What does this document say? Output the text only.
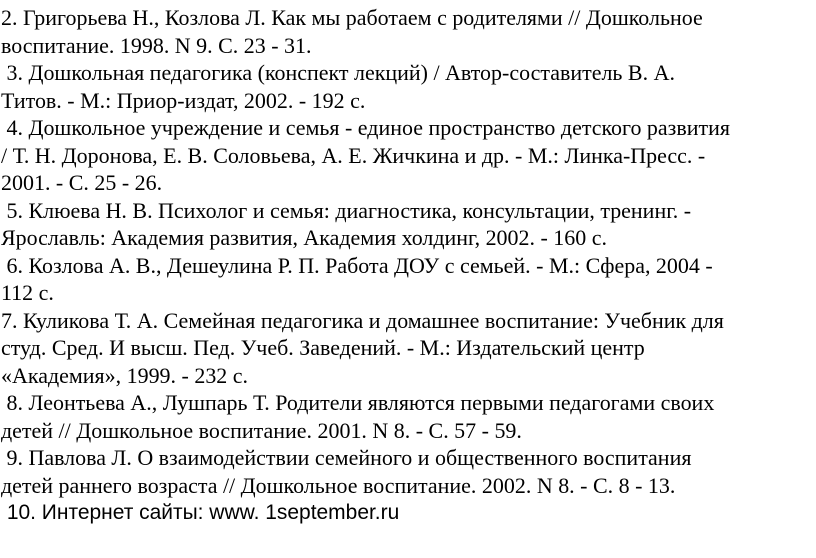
2. Григорьева Н., Козлова Л. Как мы работаем с родителями // Дошкольное
воспитание. 1998. N 9. С. 23 - 31.

3. Дошкольная педагогика (конспект лекций) / Автор-составитель В. А.
Титов. - М.: Приор-издат, 2002. - 192 с.

4. Дошкольное учреждение и семья - единое пространство детского развития
/ Т. Н. Доронова, Е. В. Соловьева, А. Е. Жичкина и др. - М.: Линка-Пресс. -
2001. - С. 25 - 26.

5. Клюева Н. В. Психолог и семья: диагностика, консультации, тренинг. -
Ярославль: Академия развития, Академия холдинг, 2002. - 160 с.

6. Козлова А. В., Дешеулина Р. П. Работа ДОУ с семьей. - М.: Сфера, 2004 -
112 с.

7. Куликова Т. А. Семейная педагогика и домашнее воспитание: Учебник для
студ. Сред. И высш. Пед. Учеб. Заведений. - М.: Издательский центр
«Академия», 1999. - 232 с.

8. Леонтьева А., Лушпарь Т. Родители являются первыми педагогами своих
детей // Дошкольное воспитание. 2001. N 8. - С. 57 - 59.

9. Павлова Л. О взаимодействии семейного и общественного воспитания
детей раннего возраста // Дошкольное воспитание. 2002. N 8. - С. 8 - 13.

10. Интернет сайты: www. 1september.ru
